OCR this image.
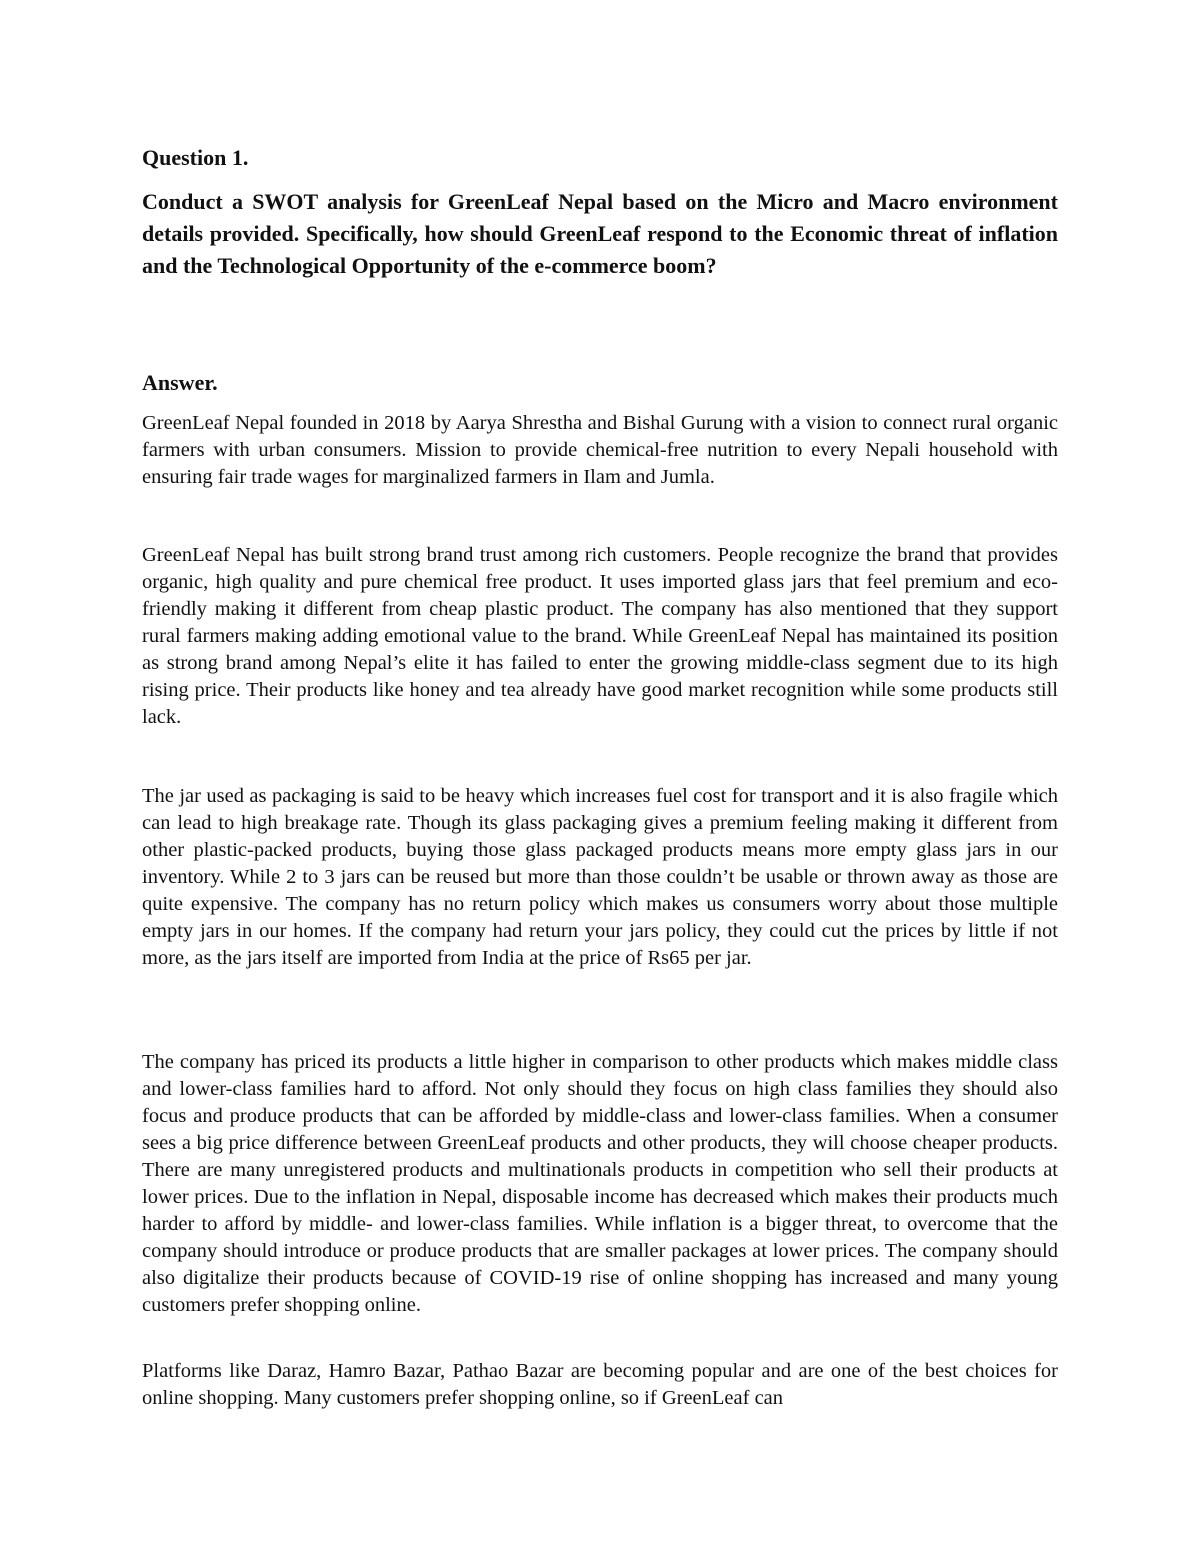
Question 1.

Conduct a SWOT analysis for GreenLeaf Nepal based on the Micro and Macro environment details provided. Specifically, how should GreenLeaf respond to the Economic threat of inflation and the Technological Opportunity of the e-commerce boom?

Answer.

GreenLeaf Nepal founded in 2018 by Aarya Shrestha and Bishal Gurung with a vision to connect rural organic farmers with urban consumers. Mission to provide chemical-free nutrition to every Nepali household with ensuring fair trade wages for marginalized farmers in Ilam and Jumla.

GreenLeaf Nepal has built strong brand trust among rich customers. People recognize the brand that provides organic, high quality and pure chemical free product. It uses imported glass jars that feel premium and eco-friendly making it different from cheap plastic product. The company has also mentioned that they support rural farmers making adding emotional value to the brand. While GreenLeaf Nepal has maintained its position as strong brand among Nepal’s elite it has failed to enter the growing middle-class segment due to its high rising price. Their products like honey and tea already have good market recognition while some products still lack.

The jar used as packaging is said to be heavy which increases fuel cost for transport and it is also fragile which can lead to high breakage rate. Though its glass packaging gives a premium feeling making it different from other plastic-packed products, buying those glass packaged products means more empty glass jars in our inventory. While 2 to 3 jars can be reused but more than those couldn’t be usable or thrown away as those are quite expensive. The company has no return policy which makes us consumers worry about those multiple empty jars in our homes. If the company had return your jars policy, they could cut the prices by little if not more, as the jars itself are imported from India at the price of Rs65 per jar.

The company has priced its products a little higher in comparison to other products which makes middle class and lower-class families hard to afford. Not only should they focus on high class families they should also focus and produce products that can be afforded by middle-class and lower-class families. When a consumer sees a big price difference between GreenLeaf products and other products, they will choose cheaper products. There are many unregistered products and multinationals products in competition who sell their products at lower prices. Due to the inflation in Nepal, disposable income has decreased which makes their products much harder to afford by middle- and lower-class families. While inflation is a bigger threat, to overcome that the company should introduce or produce products that are smaller packages at lower prices. The company should also digitalize their products because of COVID-19 rise of online shopping has increased and many young customers prefer shopping online.

Platforms like Daraz, Hamro Bazar, Pathao Bazar are becoming popular and are one of the best choices for online shopping. Many customers prefer shopping online, so if GreenLeaf can
